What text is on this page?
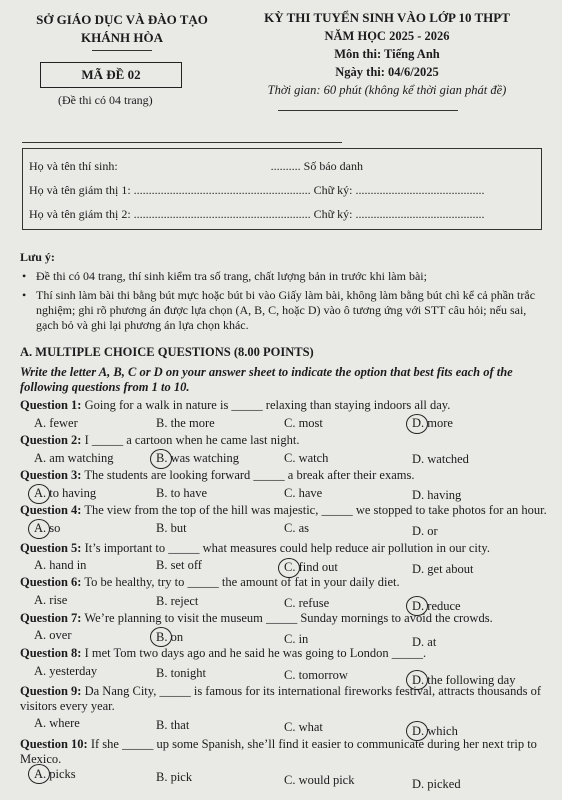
SỞ GIÁO DỤC VÀ ĐÀO TẠO
KHÁNH HÒA
MÃ ĐỀ 02
(Đề thi có 04 trang)
KỲ THI TUYỂN SINH VÀO LỚP 10 THPT
NĂM HỌC 2025 - 2026
Môn thi: Tiếng Anh
Ngày thi: 04/6/2025
Thời gian: 60 phút (không kể thời gian phát đề)
Họ và tên thí sinh:	.......... Số báo danh
Họ và tên giám thị 1: ........................................................... Chữ ký: ...........................................
Họ và tên giám thị 2: ........................................................... Chữ ký: ...........................................
Lưu ý:
• Đề thi có 04 trang, thí sinh kiểm tra số trang, chất lượng bản in trước khi làm bài;
• Thí sinh làm bài thi bằng bút mực hoặc bút bi vào Giấy làm bài, không làm bằng bút chì kể cả phần trắc nghiệm; ghi rõ phương án được lựa chọn (A, B, C, hoặc D) vào ô tương ứng với STT câu hỏi; nếu sai, gạch bỏ và ghi lại phương án lựa chọn khác.
A. MULTIPLE CHOICE QUESTIONS (8.00 POINTS)
Write the letter A, B, C or D on your answer sheet to indicate the option that best fits each of the following questions from 1 to 10.
Question 1: Going for a walk in nature is _____ relaxing than staying indoors all day.
A. fewer	B. the more	C. most	D. more
Question 2: I _____ a cartoon when he came last night.
A. am watching	B. was watching	C. watch	D. watched
Question 3: The students are looking forward _____ a break after their exams.
A. to having	B. to have	C. have	D. having
Question 4: The view from the top of the hill was majestic, _____ we stopped to take photos for an hour.
A. so	B. but	C. as	D. or
Question 5: It’s important to _____ what measures could help reduce air pollution in our city.
A. hand in	B. set off	C. find out	D. get about
Question 6: To be healthy, try to _____ the amount of fat in your daily diet.
A. rise	B. reject	C. refuse	D. reduce
Question 7: We’re planning to visit the museum _____ Sunday mornings to avoid the crowds.
A. over	B. on	C. in	D. at
Question 8: I met Tom two days ago and he said he was going to London _____.
A. yesterday	B. tonight	C. tomorrow	D. the following day
Question 9: Da Nang City, _____ is famous for its international fireworks festival, attracts thousands of visitors every year.
A. where	B. that	C. what	D. which
Question 10: If she _____ up some Spanish, she’ll find it easier to communicate during her next trip to Mexico.
A. picks	B. pick	C. would pick	D. picked
